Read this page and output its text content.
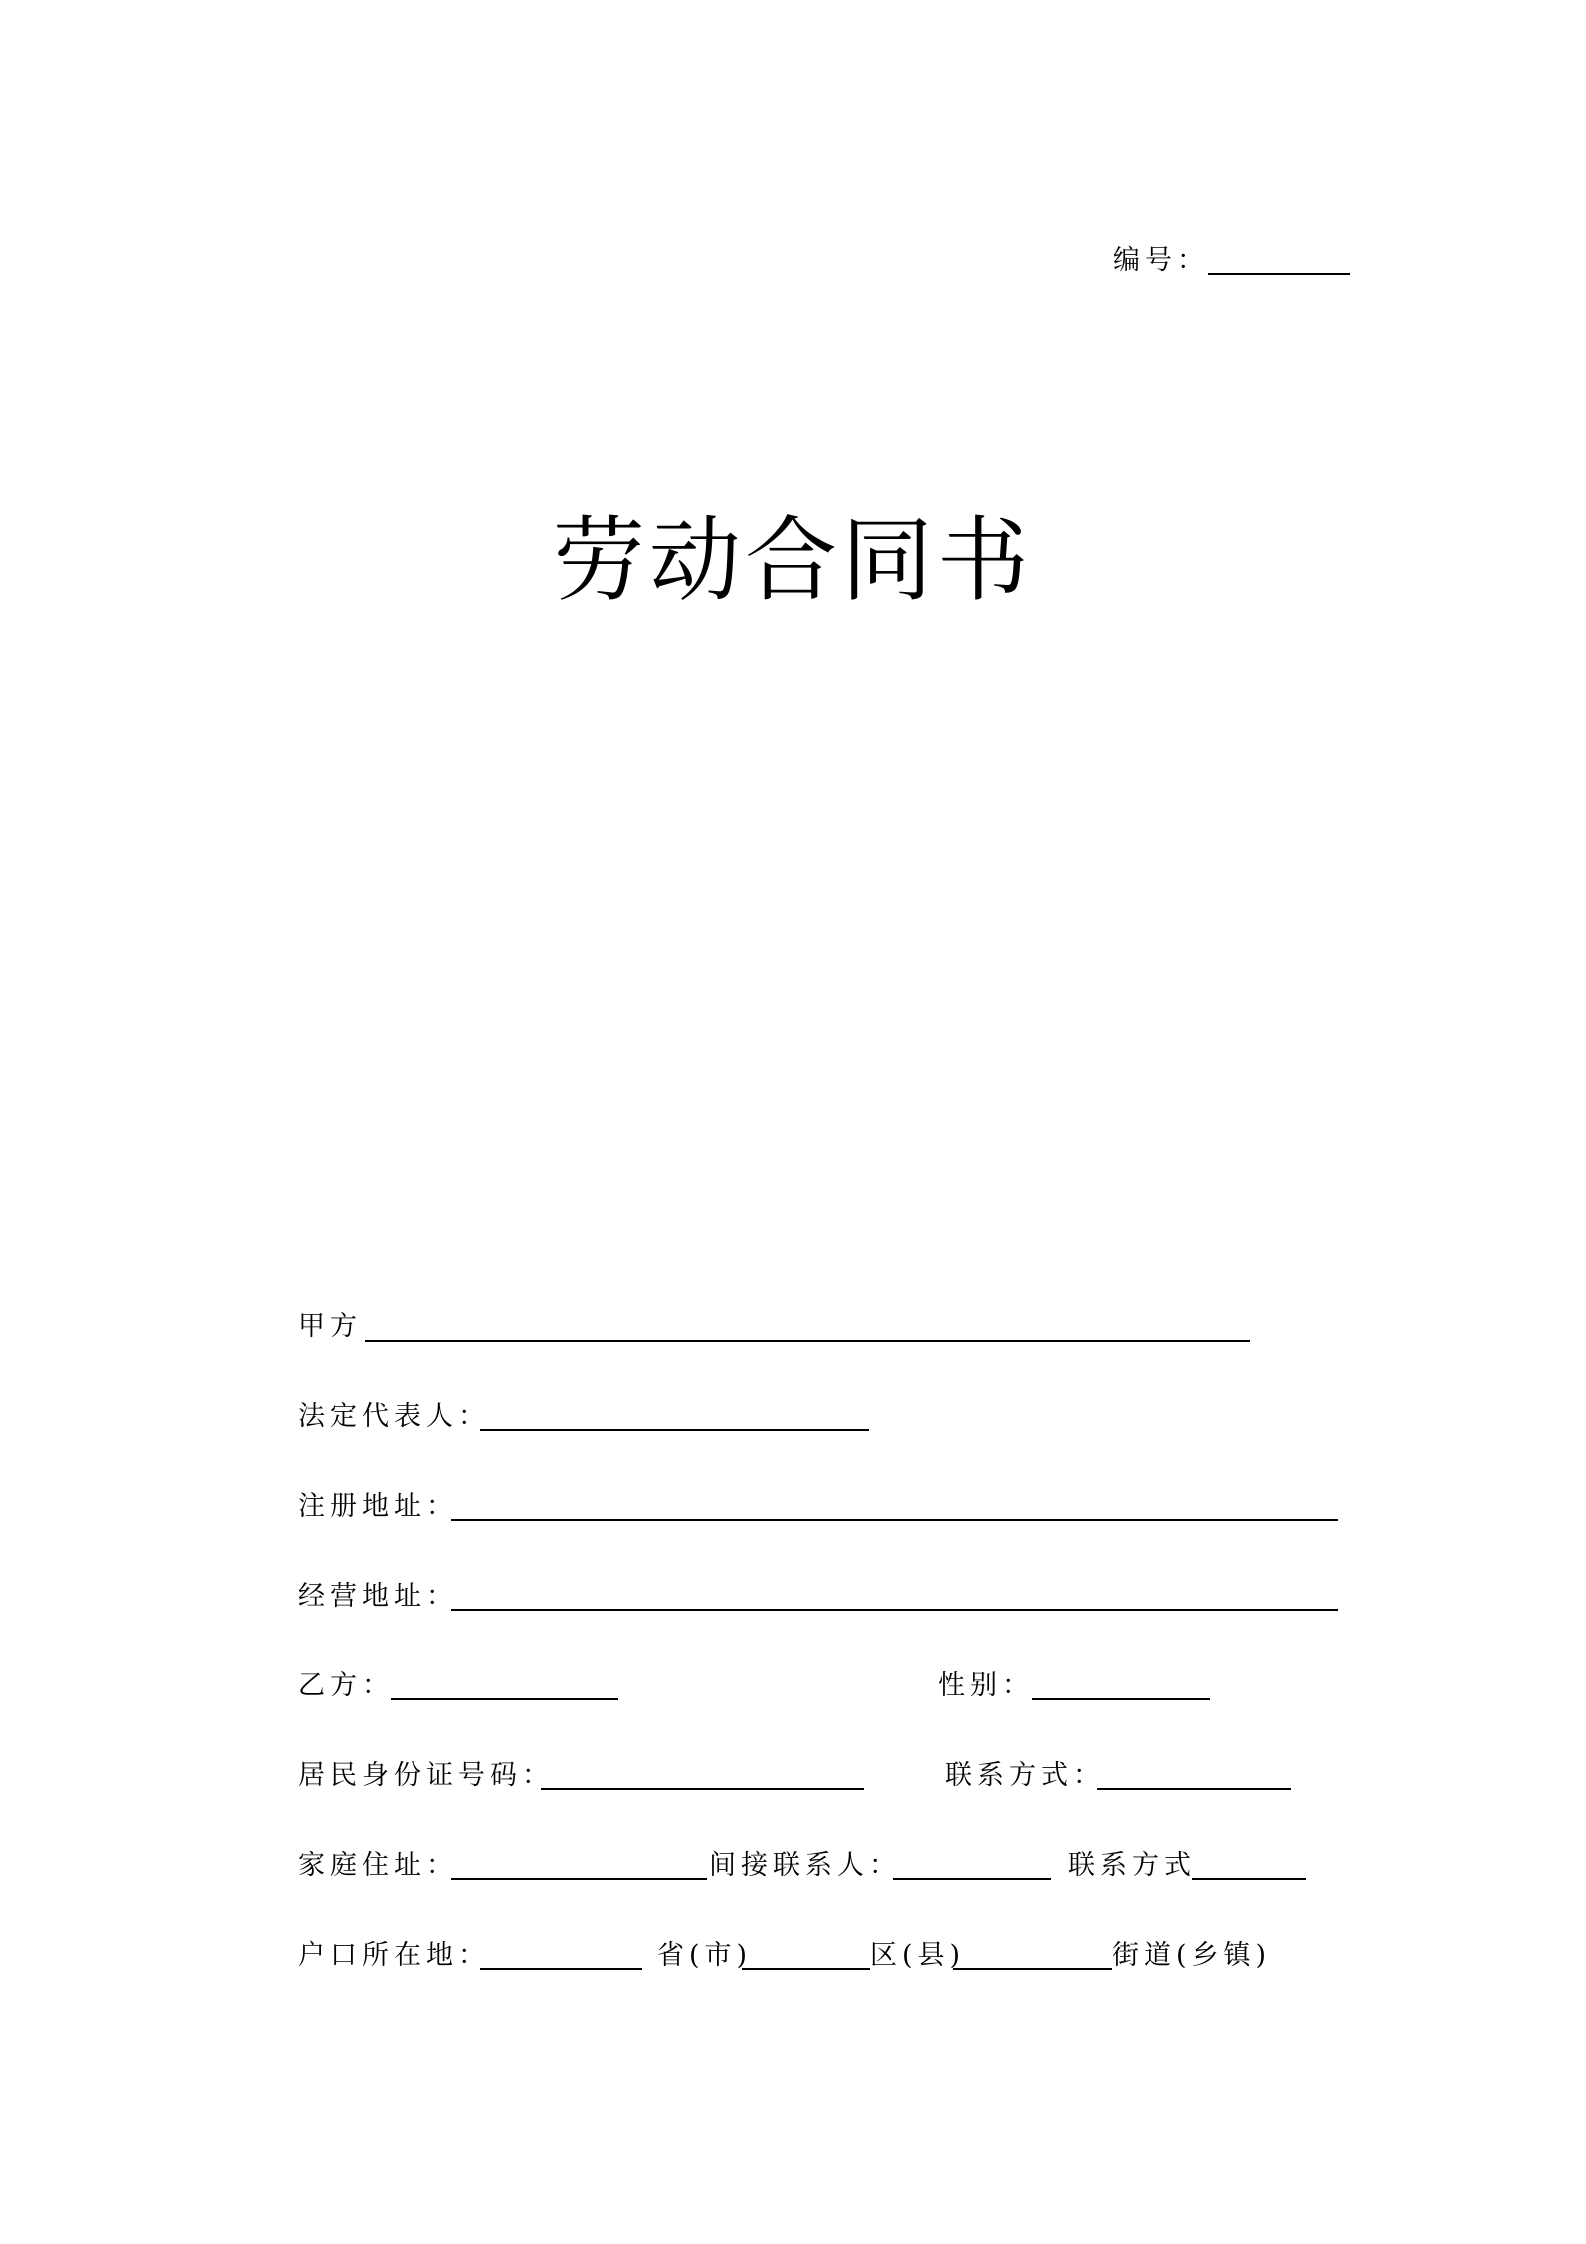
编号：
劳动合同书
甲方
法定代表人：
注册地址：
经营地址：
乙方：	性别：
居民身份证号码：	联系方式：
家庭住址：	间接联系人：	联系方式
户口所在地：	省(市)	区(县)	街道(乡镇)
